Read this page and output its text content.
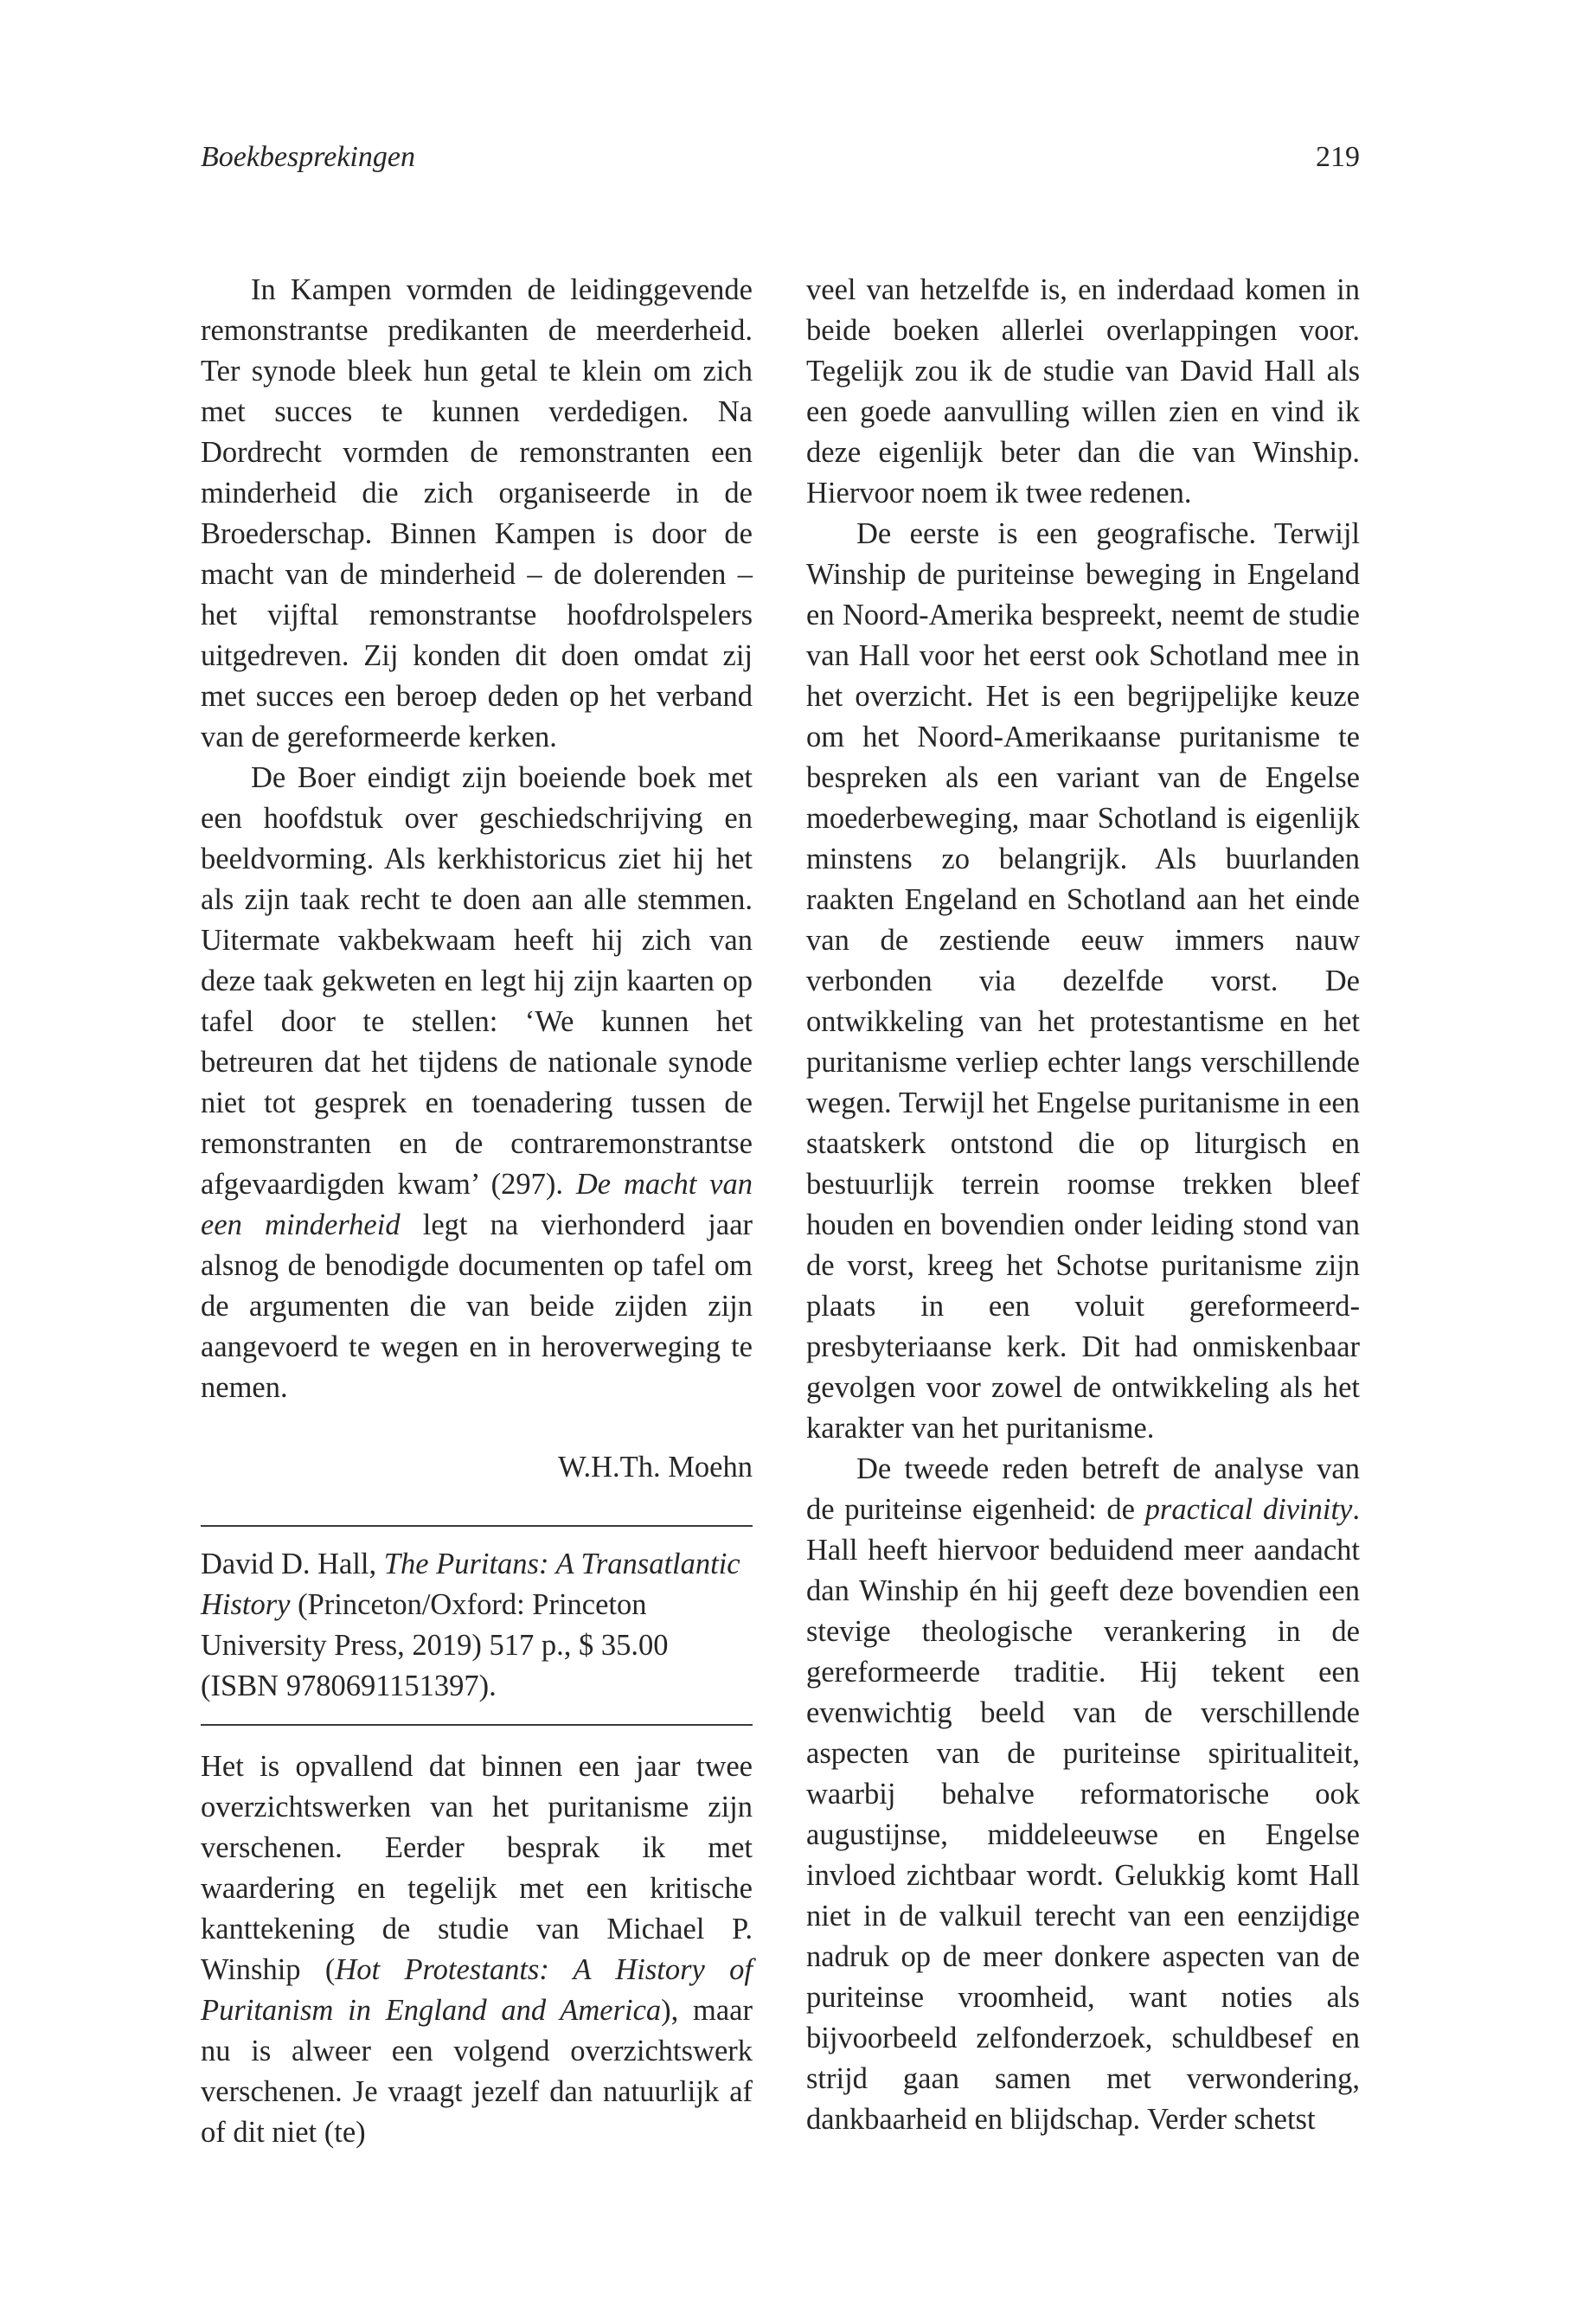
Boekbesprekingen	219

In Kampen vormden de leidinggevende remonstrantse predikanten de meerderheid. Ter synode bleek hun getal te klein om zich met succes te kunnen verdedigen. Na Dordrecht vormden de remonstranten een minderheid die zich organiseerde in de Broederschap. Binnen Kampen is door de macht van de minderheid – de dolerenden – het vijftal remonstrantse hoofdrolspelers uitgedreven. Zij konden dit doen omdat zij met succes een beroep deden op het verband van de gereformeerde kerken.

De Boer eindigt zijn boeiende boek met een hoofdstuk over geschiedschrijving en beeldvorming. Als kerkhistoricus ziet hij het als zijn taak recht te doen aan alle stemmen. Uitermate vakbekwaam heeft hij zich van deze taak gekweten en legt hij zijn kaarten op tafel door te stellen: ‘We kunnen het betreuren dat het tijdens de nationale synode niet tot gesprek en toenadering tussen de remonstranten en de contraremonstrantse afgevaardigden kwam’ (297). De macht van een minderheid legt na vierhonderd jaar alsnog de benodigde documenten op tafel om de argumenten die van beide zijden zijn aangevoerd te wegen en in heroverweging te nemen.

W.H.Th. Moehn

David D. Hall, The Puritans: A Transatlantic History (Princeton/Oxford: Princeton University Press, 2019) 517 p., $ 35.00 (ISBN 9780691151397).

Het is opvallend dat binnen een jaar twee overzichtswerken van het puritanisme zijn verschenen. Eerder besprak ik met waardering en tegelijk met een kritische kanttekening de studie van Michael P. Winship (Hot Protestants: A History of Puritanism in England and America), maar nu is alweer een volgend overzichtswerk verschenen. Je vraagt jezelf dan natuurlijk af of dit niet (te)

veel van hetzelfde is, en inderdaad komen in beide boeken allerlei overlappingen voor. Tegelijk zou ik de studie van David Hall als een goede aanvulling willen zien en vind ik deze eigenlijk beter dan die van Winship. Hiervoor noem ik twee redenen.

De eerste is een geografische. Terwijl Winship de puriteinse beweging in Engeland en Noord-Amerika bespreekt, neemt de studie van Hall voor het eerst ook Schotland mee in het overzicht. Het is een begrijpelijke keuze om het Noord-Amerikaanse puritanisme te bespreken als een variant van de Engelse moederbeweging, maar Schotland is eigenlijk minstens zo belangrijk. Als buurlanden raakten Engeland en Schotland aan het einde van de zestiende eeuw immers nauw verbonden via dezelfde vorst. De ontwikkeling van het protestantisme en het puritanisme verliep echter langs verschillende wegen. Terwijl het Engelse puritanisme in een staatskerk ontstond die op liturgisch en bestuurlijk terrein roomse trekken bleef houden en bovendien onder leiding stond van de vorst, kreeg het Schotse puritanisme zijn plaats in een voluit gereformeerd-presbyteriaanse kerk. Dit had onmiskenbaar gevolgen voor zowel de ontwikkeling als het karakter van het puritanisme.

De tweede reden betreft de analyse van de puriteinse eigenheid: de practical divinity. Hall heeft hiervoor beduidend meer aandacht dan Winship én hij geeft deze bovendien een stevige theologische verankering in de gereformeerde traditie. Hij tekent een evenwichtig beeld van de verschillende aspecten van de puriteinse spiritualiteit, waarbij behalve reformatorische ook augustijnse, middeleeuwse en Engelse invloed zichtbaar wordt. Gelukkig komt Hall niet in de valkuil terecht van een eenzijdige nadruk op de meer donkere aspecten van de puriteinse vroomheid, want noties als bijvoorbeeld zelfonderzoek, schuldbesef en strijd gaan samen met verwondering, dankbaarheid en blijdschap. Verder schetst
